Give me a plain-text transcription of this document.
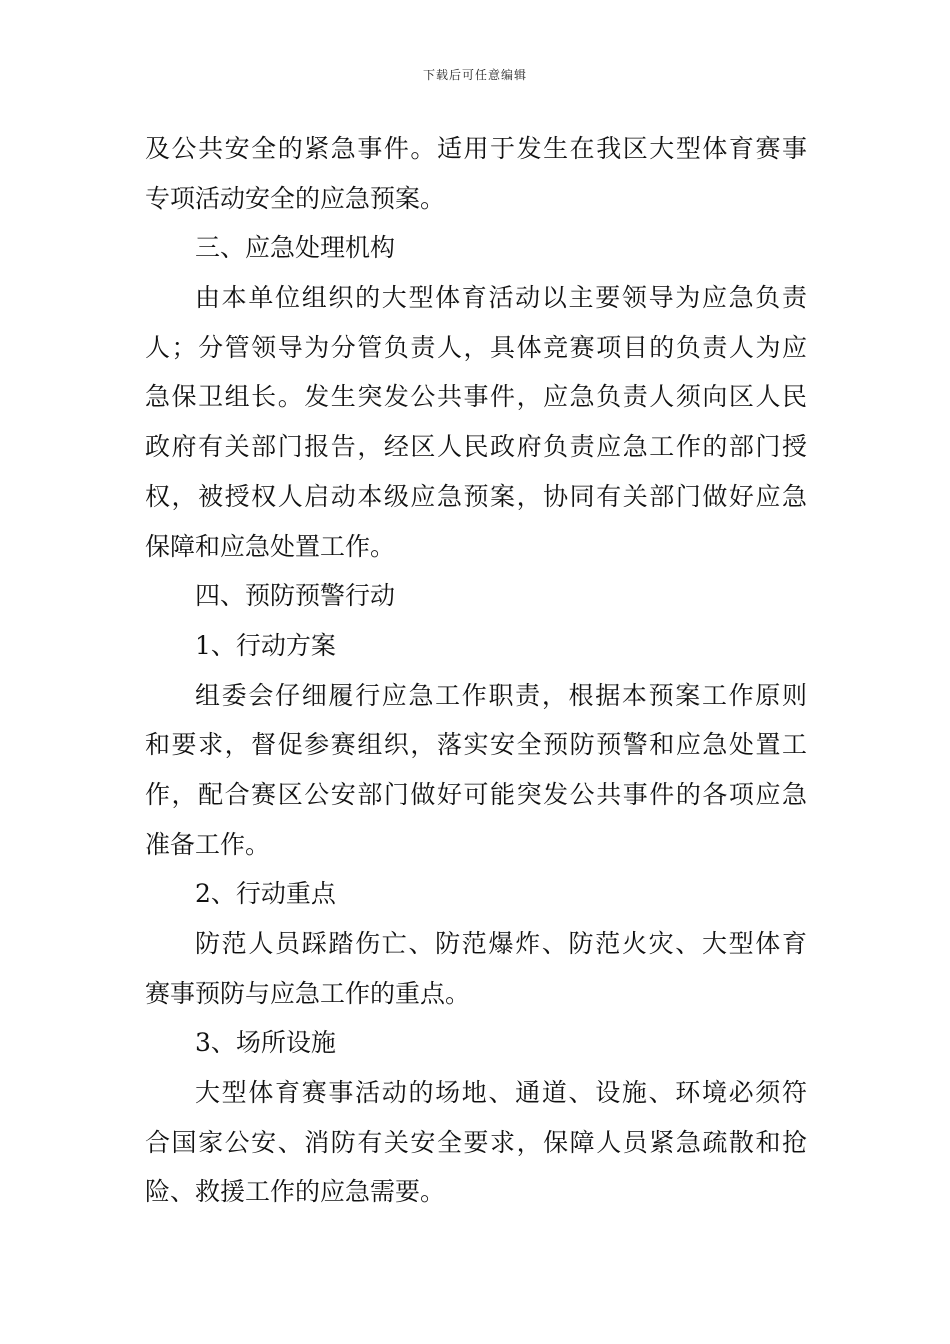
下载后可任意编辑
及公共安全的紧急事件。适用于发生在我区大型体育赛事
专项活动安全的应急预案。
三、应急处理机构
由本单位组织的大型体育活动以主要领导为应急负责
人；分管领导为分管负责人，具体竞赛项目的负责人为应
急保卫组长。发生突发公共事件，应急负责人须向区人民
政府有关部门报告，经区人民政府负责应急工作的部门授
权，被授权人启动本级应急预案，协同有关部门做好应急
保障和应急处置工作。
四、预防预警行动
1、行动方案
组委会仔细履行应急工作职责，根据本预案工作原则
和要求，督促参赛组织，落实安全预防预警和应急处置工
作，配合赛区公安部门做好可能突发公共事件的各项应急
准备工作。
2、行动重点
防范人员踩踏伤亡、防范爆炸、防范火灾、大型体育
赛事预防与应急工作的重点。
3、场所设施
大型体育赛事活动的场地、通道、设施、环境必须符
合国家公安、消防有关安全要求，保障人员紧急疏散和抢
险、救援工作的应急需要。
